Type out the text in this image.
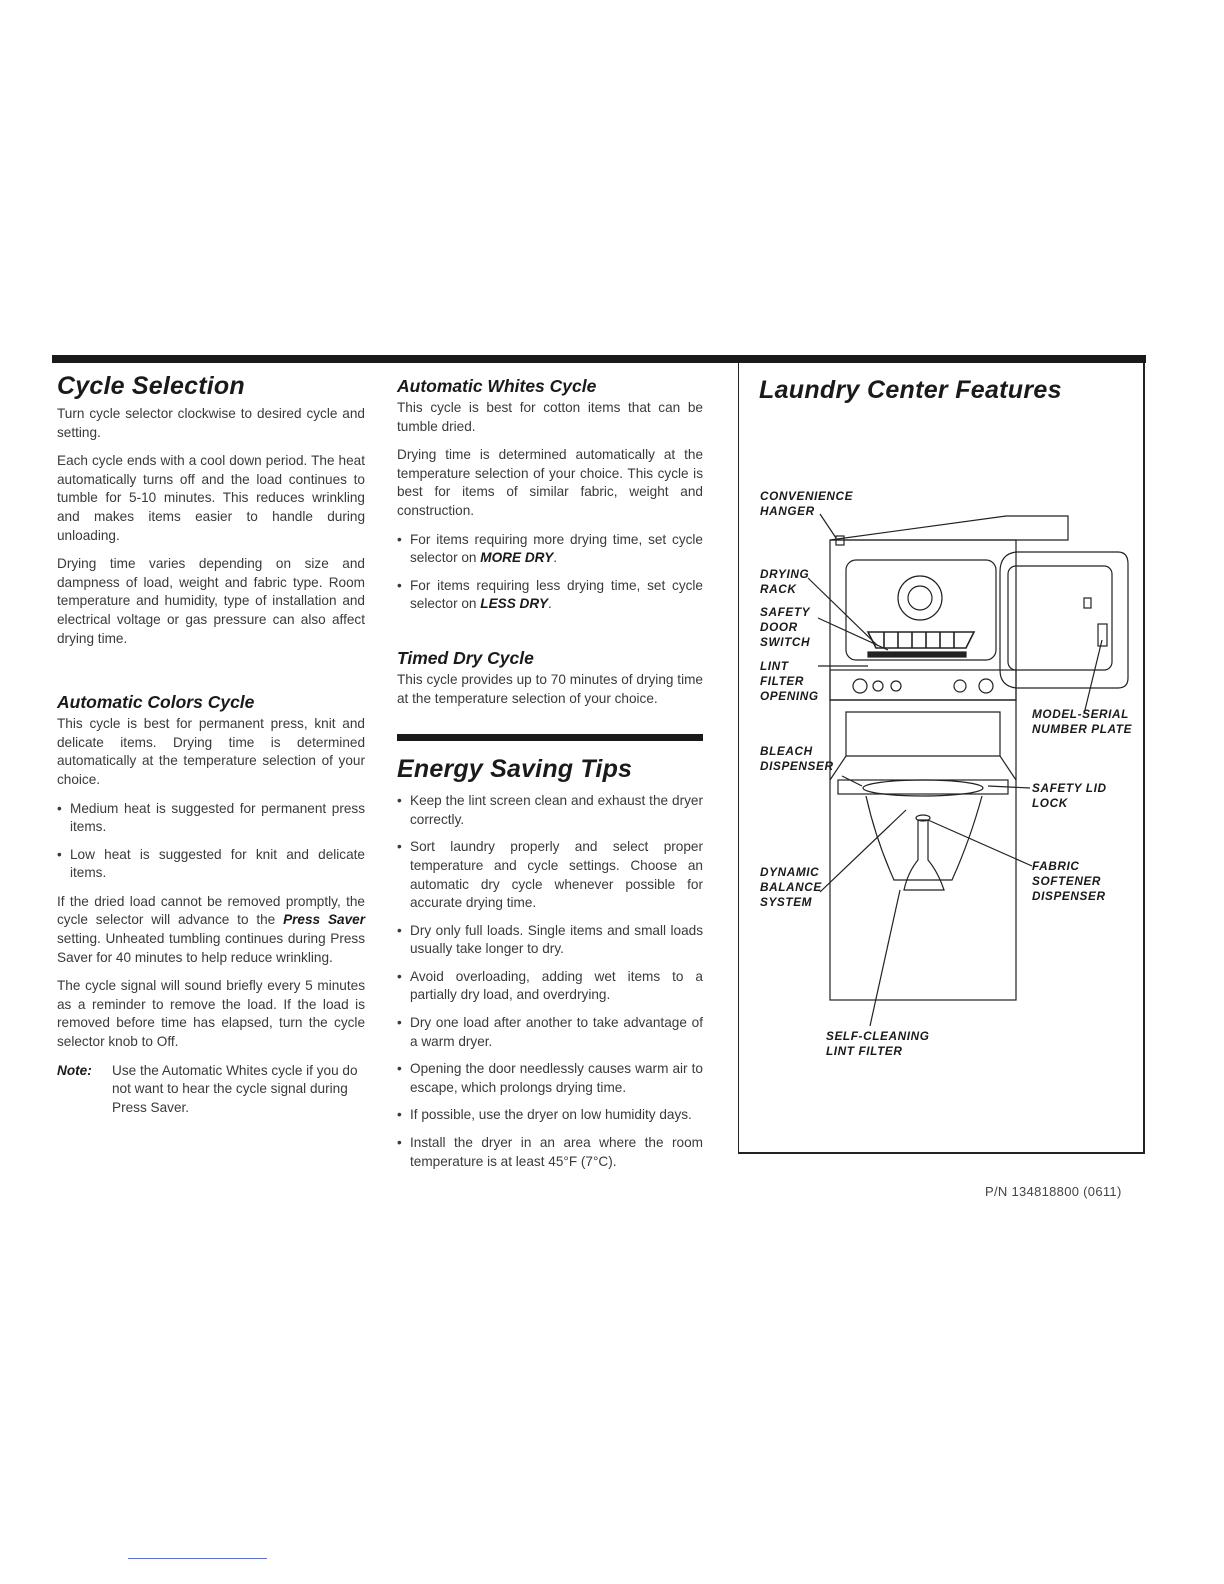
Cycle Selection

Turn cycle selector clockwise to desired cycle and setting.

Each cycle ends with a cool down period. The heat automatically turns off and the load continues to tumble for 5-10 minutes. This reduces wrinkling and makes items easier to handle during unloading.

Drying time varies depending on size and dampness of load, weight and fabric type. Room temperature and humidity, type of installation and electrical voltage or gas pressure can also affect drying time.

Automatic Colors Cycle

This cycle is best for permanent press, knit and delicate items. Drying time is determined automatically at the temperature selection of your choice.

• Medium heat is suggested for permanent press items.
• Low heat is suggested for knit and delicate items.

If the dried load cannot be removed promptly, the cycle selector will advance to the Press Saver setting. Unheated tumbling continues during Press Saver for 40 minutes to help reduce wrinkling.

The cycle signal will sound briefly every 5 minutes as a reminder to remove the load. If the load is removed before time has elapsed, turn the cycle selector knob to Off.

Note:	Use the Automatic Whites cycle if you do not want to hear the cycle signal during Press Saver.
Automatic Whites Cycle

This cycle is best for cotton items that can be tumble dried.

Drying time is determined automatically at the temperature selection of your choice. This cycle is best for items of similar fabric, weight and construction.

• For items requiring more drying time, set cycle selector on MORE DRY.
• For items requiring less drying time, set cycle selector on LESS DRY.
Timed Dry Cycle

This cycle provides up to 70 minutes of drying time at the temperature selection of your choice.

Energy Saving Tips
• Keep the lint screen clean and exhaust the dryer correctly.
• Sort laundry properly and select proper temperature and cycle settings. Choose an automatic dry cycle whenever possible for accurate drying time.
• Dry only full loads. Single items and small loads usually take longer to dry.
• Avoid overloading, adding wet items to a partially dry load, and overdrying.
• Dry one load after another to take advantage of a warm dryer.
• Opening the door needlessly causes warm air to escape, which prolongs drying time.
• If possible, use the dryer on low humidity days.
• Install the dryer in an area where the room temperature is at least 45°F (7°C).
Laundry Center Features
CONVENIENCE
HANGER
DRYING
RACK
SAFETY
DOOR
SWITCH
LINT
FILTER
OPENING
MODEL-SERIAL
NUMBER PLATE
BLEACH
DISPENSER
SAFETY LID
LOCK
DYNAMIC
BALANCE
SYSTEM
FABRIC
SOFTENER
DISPENSER
SELF-CLEANING
LINT FILTER
P/N 134818800 (0611)
